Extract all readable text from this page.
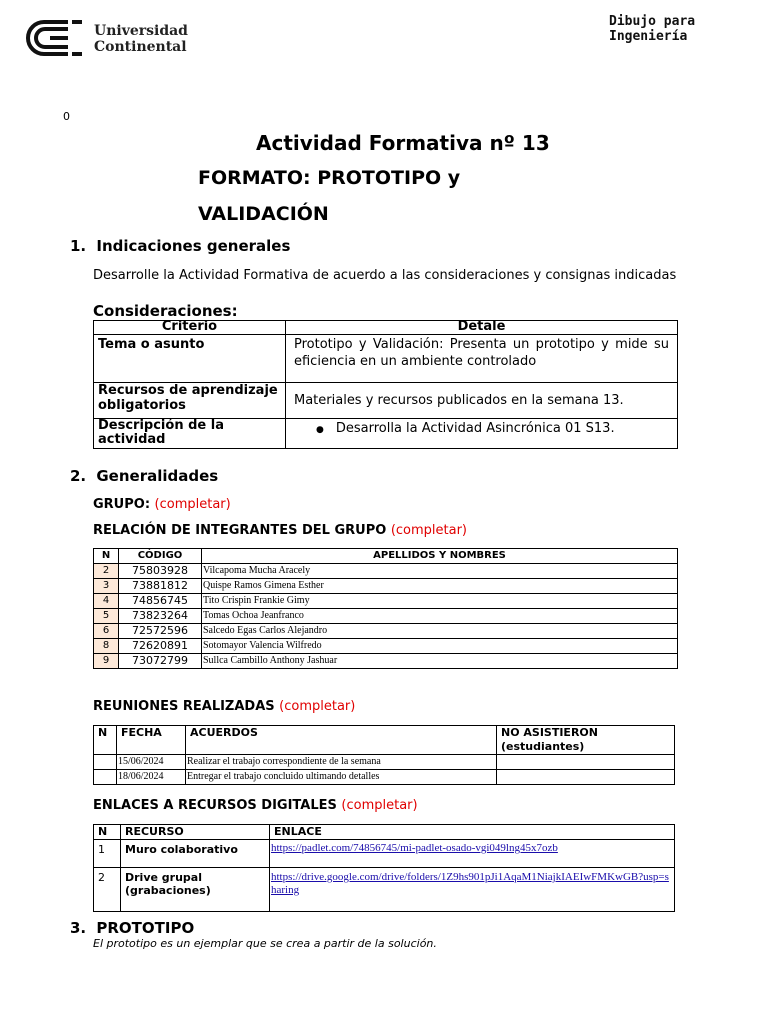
Universidad
Continental
Dibujo para
Ingeniería
0
Actividad Formativa nº 13
FORMATO: PROTOTIPO y
VALIDACIÓN
1. Indicaciones generales
Desarrolle la Actividad Formativa de acuerdo a las consideraciones y consignas indicadas
Consideraciones:
Criterio	Detale
Tema o asunto	Prototipo y Validación: Presenta un prototipo y mide su
eficiencia en un ambiente controlado

Recursos de aprendizaje obligatorios	Materiales y recursos publicados en la semana 13.
Descripción de la actividad	● Desarrolla la Actividad Asincrónica 01 S13.
2. Generalidades
GRUPO: (completar)
RELACIÓN DE INTEGRANTES DEL GRUPO (completar)
N	CÓDIGO	APELLIDOS Y NOMBRES
2	75803928	Vilcapoma Mucha Aracely
3	73881812	Quispe Ramos Gimena Esther
4	74856745	Tito Crispin Frankie Gimy
5	73823264	Tomas Ochoa Jeanfranco
6	72572596	Salcedo Egas Carlos Alejandro
8	72620891	Sotomayor Valencia Wilfredo
9	73072799	Sullca Cambillo Anthony Jashuar
REUNIONES REALIZADAS (completar)
N	FECHA	ACUERDOS	NO ASISTIERON (estudiantes)
	15/06/2024	Realizar el trabajo correspondiente de la semana	
	18/06/2024	Entregar el trabajo concluido ultimando detalles	
ENLACES A RECURSOS DIGITALES (completar)
N	RECURSO	ENLACE
1	Muro colaborativo	https://padlet.com/74856745/mi-padlet-osado-vgi049lng45x7ozb
2	Drive grupal (grabaciones)	https://drive.google.com/drive/folders/1Z9hs901pJi1AqaM1NiajkIAEIwFMKwGB?usp=sharing
3. PROTOTIPO
El prototipo es un ejemplar que se crea a partir de la solución.
